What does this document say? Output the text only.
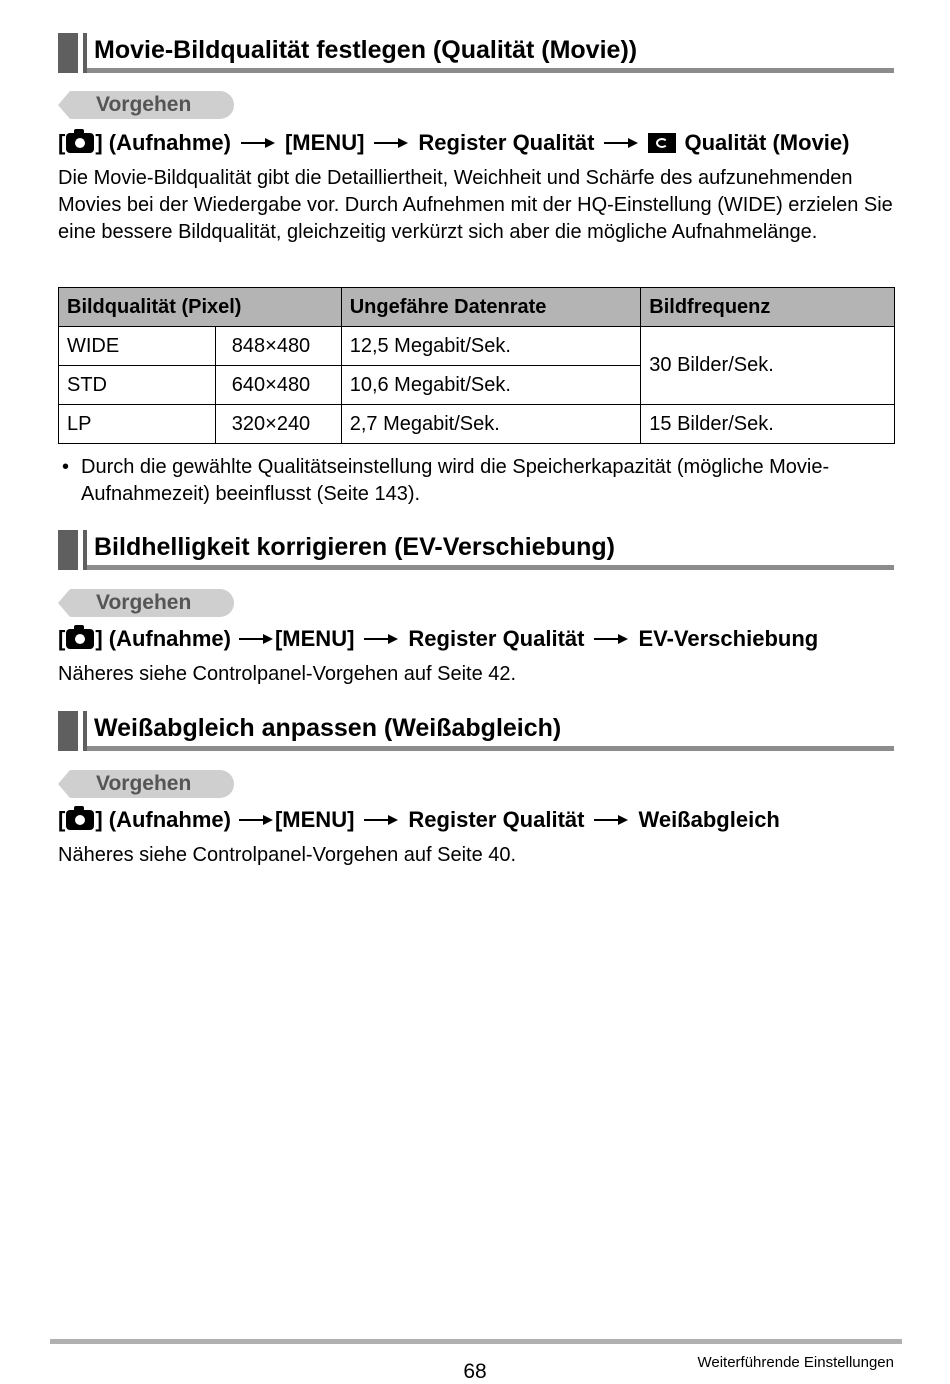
Movie-Bildqualität festlegen (Qualität (Movie))
Vorgehen
[ ] (Aufnahme) [MENU] Register Qualität	Qualität (Movie)
Die Movie-Bildqualität gibt die Detailliertheit, Weichheit und Schärfe des aufzunehmenden Movies bei der Wiedergabe vor. Durch Aufnehmen mit der HQ-Einstellung (WIDE) erzielen Sie eine bessere Bildqualität, gleichzeitig verkürzt sich aber die mögliche Aufnahmelänge.
Bildqualität (Pixel)		Ungefähre Datenrate	Bildfrequenz
WIDE	848×480	12,5 Megabit/Sek.	30 Bilder/Sek.
STD	640×480	10,6 Megabit/Sek.	
LP	320×240	2,7 Megabit/Sek.	15 Bilder/Sek.
• Durch die gewählte Qualitätseinstellung wird die Speicherkapazität (mögliche Movie-Aufnahmezeit) beeinflusst (Seite 143).
Bildhelligkeit korrigieren (EV-Verschiebung)
Vorgehen
[ ] (Aufnahme) [MENU] Register Qualität EV-Verschiebung
Näheres siehe Controlpanel-Vorgehen auf Seite 42.
Weißabgleich anpassen (Weißabgleich)
Vorgehen
[ ] (Aufnahme) [MENU] Register Qualität Weißabgleich
Näheres siehe Controlpanel-Vorgehen auf Seite 40.
68	Weiterführende Einstellungen
